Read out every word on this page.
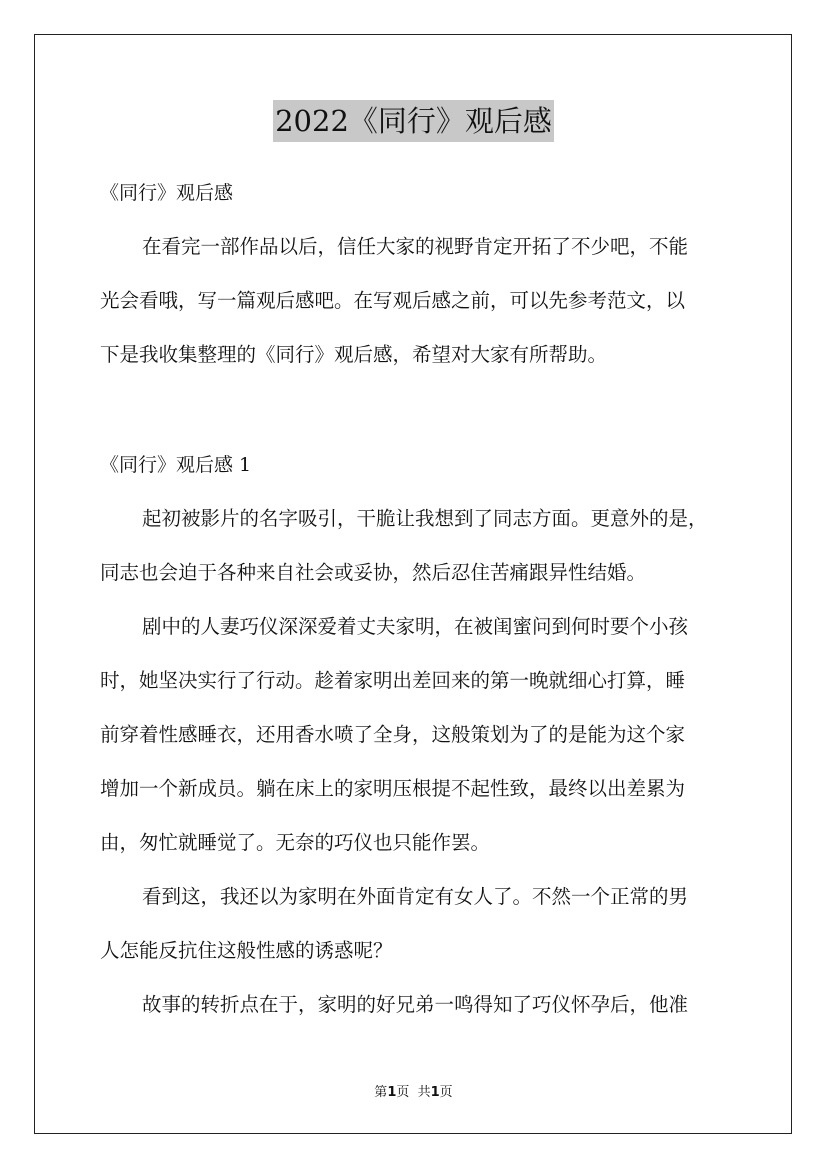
2022《同行》观后感
《同行》观后感

在看完一部作品以后，信任大家的视野肯定开拓了不少吧，不能
光会看哦，写一篇观后感吧。在写观后感之前，可以先参考范文，以
下是我收集整理的《同行》观后感，希望对大家有所帮助。

《同行》观后感 1

起初被影片的名字吸引，干脆让我想到了同志方面。更意外的是，
同志也会迫于各种来自社会或妥协，然后忍住苦痛跟异性结婚。

剧中的人妻巧仪深深爱着丈夫家明，在被闺蜜问到何时要个小孩
时，她坚决实行了行动。趁着家明出差回来的第一晚就细心打算，睡
前穿着性感睡衣，还用香水喷了全身，这般策划为了的是能为这个家
增加一个新成员。躺在床上的家明压根提不起性致，最终以出差累为
由，匆忙就睡觉了。无奈的巧仪也只能作罢。

看到这，我还以为家明在外面肯定有女人了。不然一个正常的男
人怎能反抗住这般性感的诱惑呢？

故事的转折点在于，家明的好兄弟一鸣得知了巧仪怀孕后，他准

第1页  共1页
